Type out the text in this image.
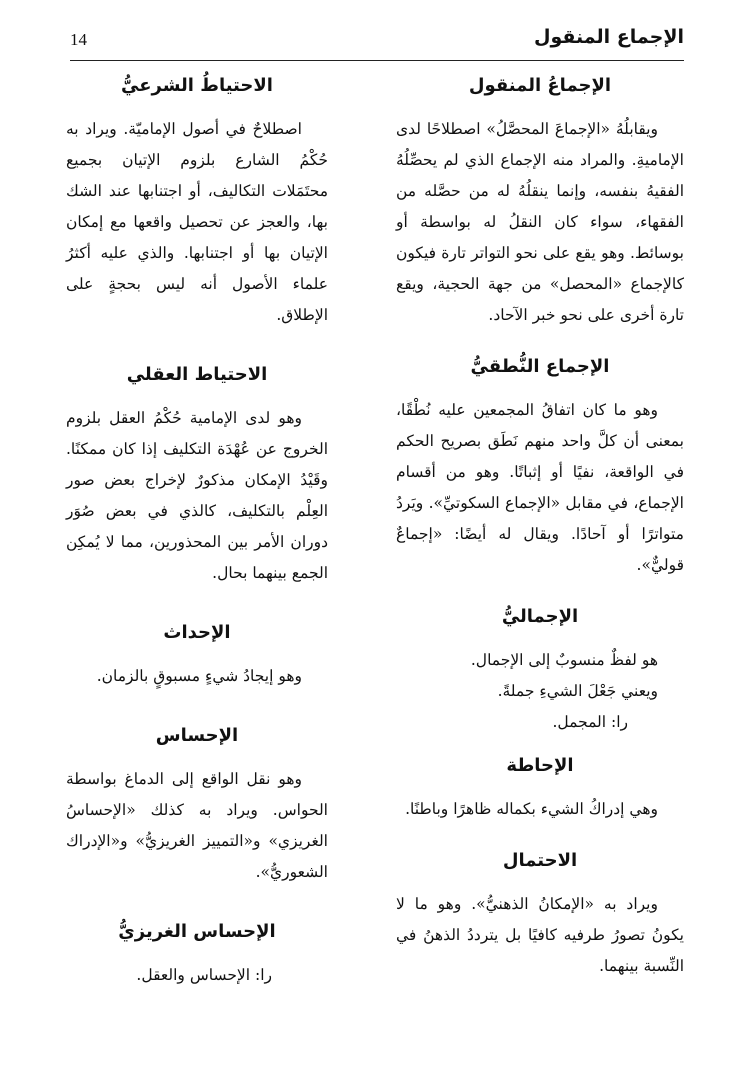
الإجماع المنقول
14
الإجماعُ المنقول

ويقابلُهُ «الإجماعَ المحصَّلُ» اصطلاحًا لدى الإماميةِ. والمراد منه الإجماع الذي لم يحصِّلُهُ الفقيهُ بنفسه، وإنما ينقلُهُ له من حصَّله من الفقهاء، سواء كان النقلُ له بواسطة أو بوسائط. وهو يقع على نحو التواتر تارة فيكون كالإجماع «المحصل» من جهة الحجية، ويقع تارة أخرى على نحو خبر الآحاد.

الإجماع النُّطقيُّ

وهو ما كان اتفاقُ المجمعين عليه نُطْقًا، بمعنى أن كلَّ واحد منهم نَطَق بصريح الحكم في الواقعة، نفيًا أو إثباتًا. وهو من أقسام الإجماع، في مقابل «الإجماع السكوتيِّ». ويَردُ متواترًا أو آحادًا. ويقال له أيضًا: «إجماعٌ قوليٌّ».

الإجماليُّ

هو لفظٌ منسوبٌ إلى الإجمال.

ويعني جَعْلَ الشيءِ جملةً.

را: المجمل.

الإحاطة

وهي إدراكُ الشيء بكماله ظاهرًا وباطنًا.

الاحتمال

ويراد به «الإمكانُ الذهنيُّ». وهو ما لا يكونُ تصورُ طرفيه كافيًا بل يترددُ الذهنُ في النِّسبة بينهما.

الاحتياطُ الشرعيُّ

اصطلاحٌ في أصول الإماميّة. ويراد به حُكْمُ الشارع بلزوم الإتيان بجميع محتَمَلات التكاليف، أو اجتنابها عند الشك بها، والعجز عن تحصيل واقعها مع إمكان الإتيان بها أو اجتنابها. والذي عليه أكثرُ علماء الأصول أنه ليس بحجةٍ على الإطلاق.

الاحتياط العقلي

وهو لدى الإمامية حُكْمُ العقل بلزوم الخروج عن عُهْدَة التكليف إذا كان ممكنًا. وقَيْدُ الإمكان مذكورٌ لإخراج بعض صور العِلْم بالتكليف، كالذي في بعض صُوَر دوران الأمر بين المحذورين، مما لا يُمكِن الجمع بينهما بحال.

الإحداث

وهو إيجادُ شيءٍ مسبوقٍ بالزمان.

الإحساس

وهو نقل الواقع إلى الدماغ بواسطة الحواس. ويراد به كذلك «الإحساسُ الغريزي» و«التمييز الغريزيُّ» و«الإدراك الشعوريُّ».

الإحساس الغريزيُّ

را: الإحساس والعقل.
